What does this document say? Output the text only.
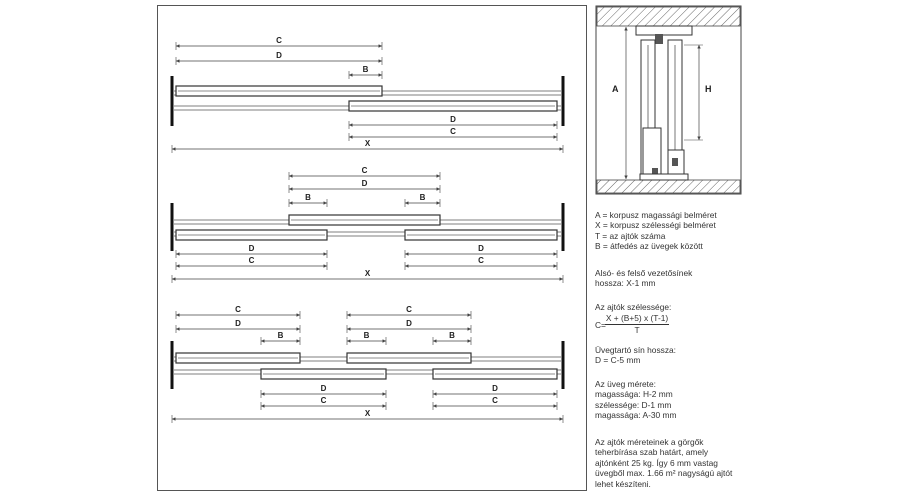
C
D
B
D
C
X
C
D
B	B
D
C
D
C
X
C
D
C
D
B	B	B
D
C
D
C
X
A	H
A = korpusz magassági belméret
X = korpusz szélességi belméret
T = az ajtók száma
B = átfedés az üvegek között
Alsó- és felső vezetősínek
hossza: X-1 mm
Az ajtók szélessége:
$C= \frac{X + (B+5) x (T-1)}{T}$
Üvegtartó sín hossza:
D = C-5 mm
Az üveg mérete:
magassága: H-2 mm
szélessége: D-1 mm
magassága: A-30 mm
Az ajtók méreteinek a görgők
teherbírása szab határt, amely
ajtónként 25 kg. Így 6 mm vastag
üvegből max. 1.66 m² nagyságú ajtót
lehet készíteni.
